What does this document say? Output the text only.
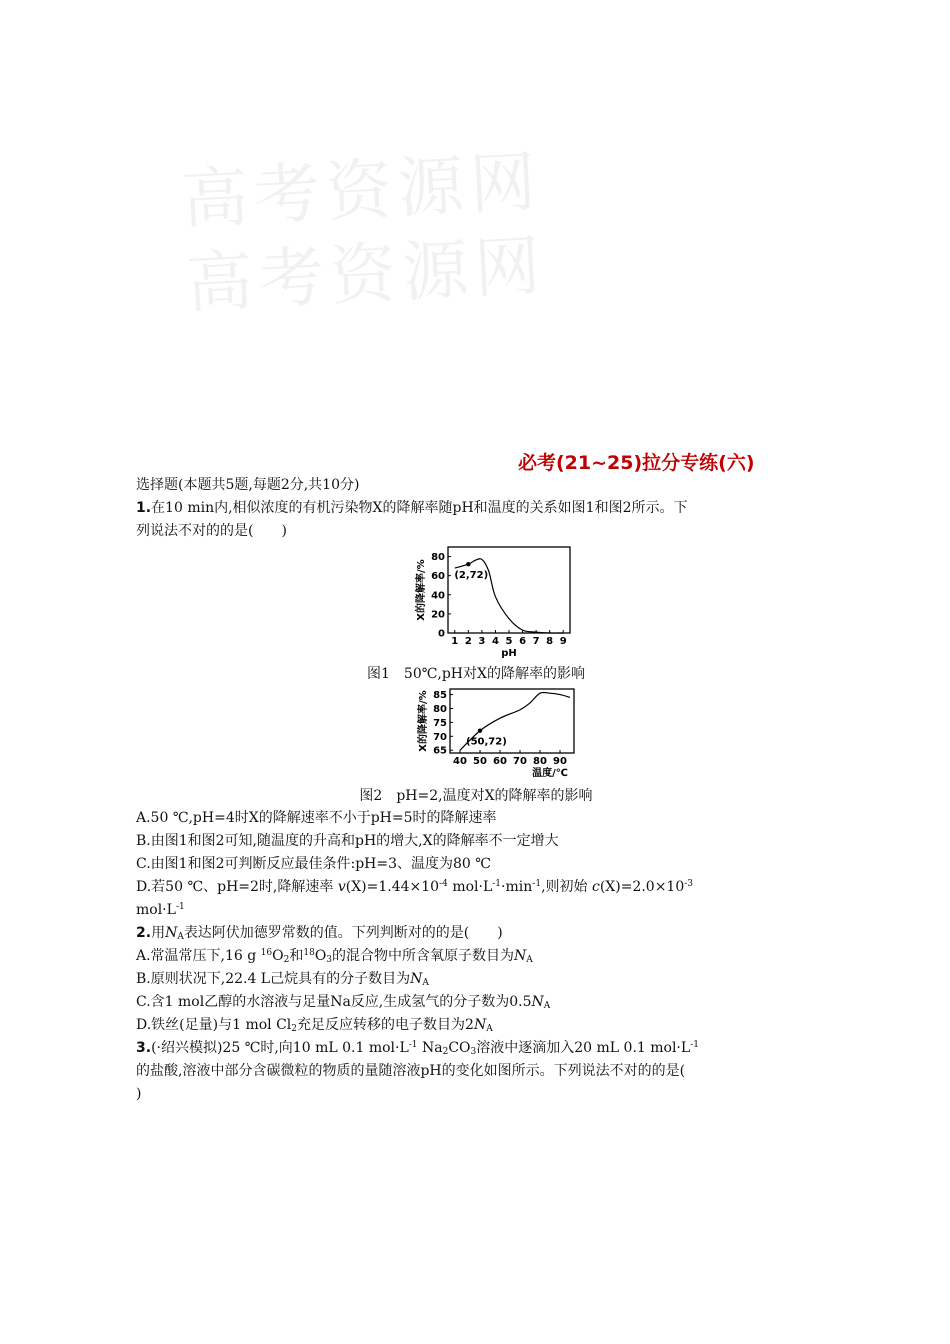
高考资源网
高考资源网
必考(21~25)拉分专练(六)
选择题(本题共5题,每题2分,共10分)
1.在10 min内,相似浓度的有机污染物X的降解率随pH和温度的关系如图1和图2所示。下
列说法不对的的是(　　)
1 2 3 4 5 6 7 8 9
0
20
40
60
80
(2,72)
pH
X的降解率/%
图1　50℃,pH对X的降解率的影响
40 50 60 70 80 90
65
70
75
80
85
(50,72)
温度/℃
X的降解率/%
图2　pH=2,温度对X的降解率的影响
A.50 ℃,pH=4时X的降解速率不小于pH=5时的降解速率
B.由图1和图2可知,随温度的升高和pH的增大,X的降解率不一定增大
C.由图1和图2可判断反应最佳条件:pH=3、温度为80 ℃
D.若50 ℃、pH=2时,降解速率 $v(X)=1.44\times 10^{-4}$ $mol\cdot L^{-1}\cdot\min^{-1}$,则初始 $c(X)=2.0\times 10^{-3}$
$mol\cdot L^{-1}$
2.用$N_A$表达阿伏加德罗常数的值。下列判断对的的是(　　)
A.常温常压下,16 g $^{16}O_2$和$^{18}O_3$的混合物中所含氧原子数目为$N_A$
B.原则状况下,22.4 L己烷具有的分子数目为$N_A$
C.含1 mol乙醇的水溶液与足量Na反应,生成氢气的分子数为$0.5N_A$
D.铁丝(足量)与1 mol $Cl_2$充足反应转移的电子数目为$2N_A$
3.(·绍兴模拟)25 ℃时,向10 mL 0.1 $mol\cdot L^{-1}$ $Na_2CO_3$溶液中逐滴加入20 mL 0.1 $mol\cdot L^{-1}$
的盐酸,溶液中部分含碳微粒的物质的量随溶液pH的变化如图所示。下列说法不对的的是(
)
